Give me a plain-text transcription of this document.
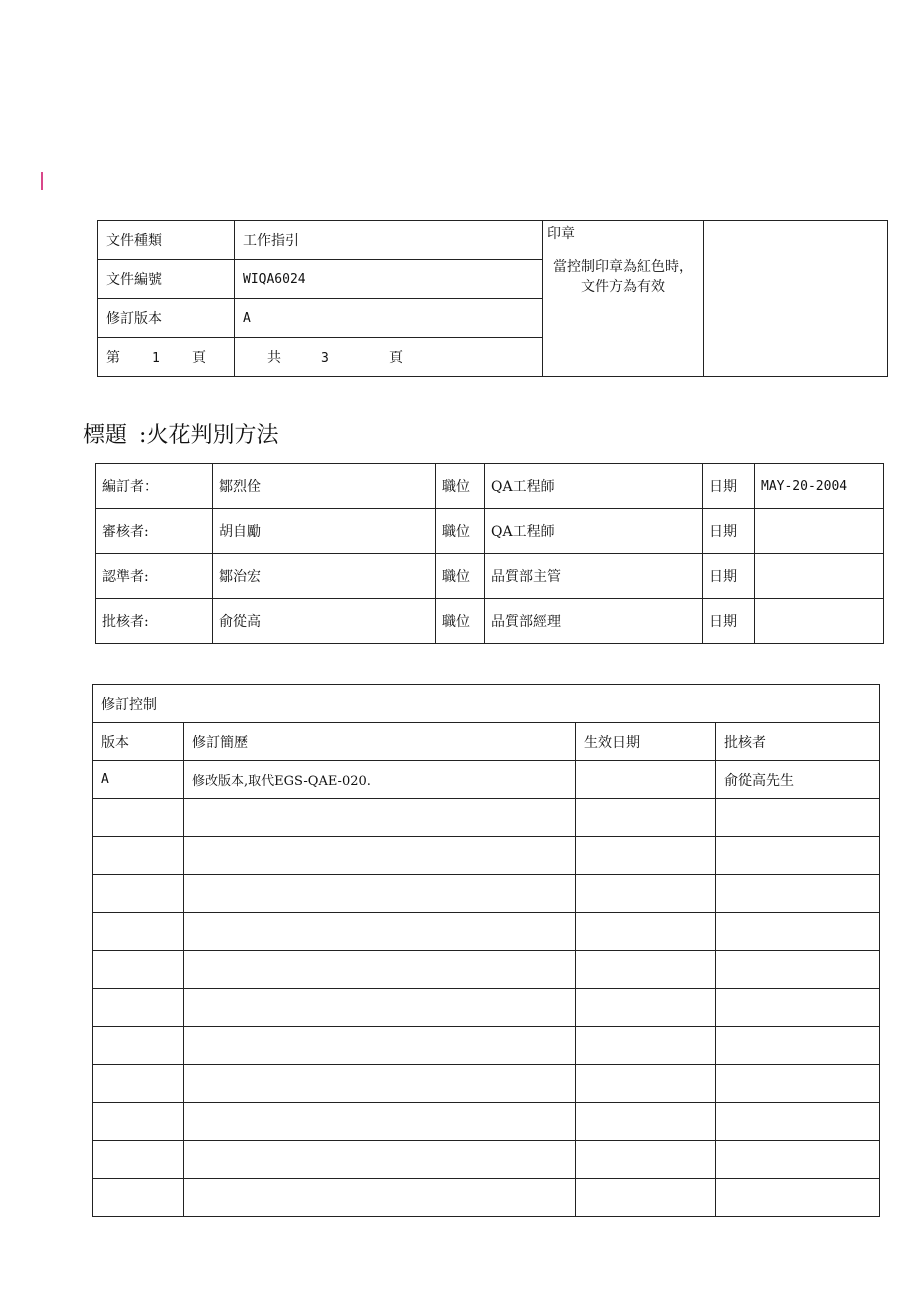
文件種類	工作指引	印章
當控制印章為紅色時，
文件方為有效	

文件編號	WIQA6024		
修訂版本	A		
第 1 頁	共 3 頁		
標題 :火花判別方法
編訂者：	鄒烈佺	職位	QA工程師	日期	MAY-20-2004
審核者:	胡自勵	職位	QA工程師	日期	
認準者:	鄒治宏	職位	品質部主管	日期	
批核者:	俞從高	職位	品質部經理	日期	
修訂控制			
版本	修訂簡歷	生效日期	批核者
A	修改版本,取代EGS-QAE-020.		俞從高先生
